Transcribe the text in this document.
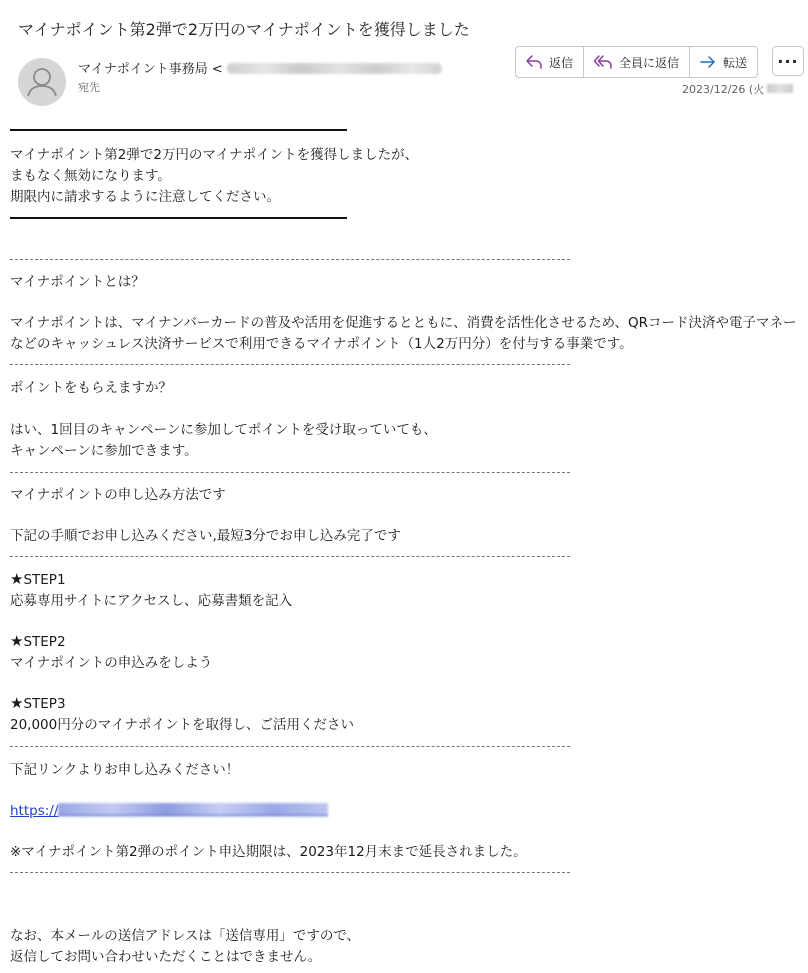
マイナポイント第2弾で2万円のマイナポイントを獲得しました
マイナポイント事務局 <
宛先
返信	全員に返信	転送 ···
2023/12/26 (火
マイナポイント第2弾で2万円のマイナポイントを獲得しましたが、
まもなく無効になります。
期限内に請求するように注意してください。
マイナポイントとは？
マイナポイントは、マイナンバーカードの普及や活用を促進するとともに、消費を活性化させるため、QRコード決済や電子マネーなどのキャッシュレス決済サービスで利用できるマイナポイント（1人2万円分）を付与する事業です。
ポイントをもらえますか？
はい、1回目のキャンペーンに参加してポイントを受け取っていても、
キャンペーンに参加できます。
マイナポイントの申し込み方法です
下記の手順でお申し込みください,最短3分でお申し込み完了です
★STEP1
応募専用サイトにアクセスし、応募書類を記入
★STEP2
マイナポイントの申込みをしよう
★STEP3
20,000円分のマイナポイントを取得し、ご活用ください
下記リンクよりお申し込みください！
https://
※マイナポイント第2弾のポイント申込期限は、2023年12月末まで延長されました。
なお、本メールの送信アドレスは「送信専用」ですので、
返信してお問い合わせいただくことはできません。
